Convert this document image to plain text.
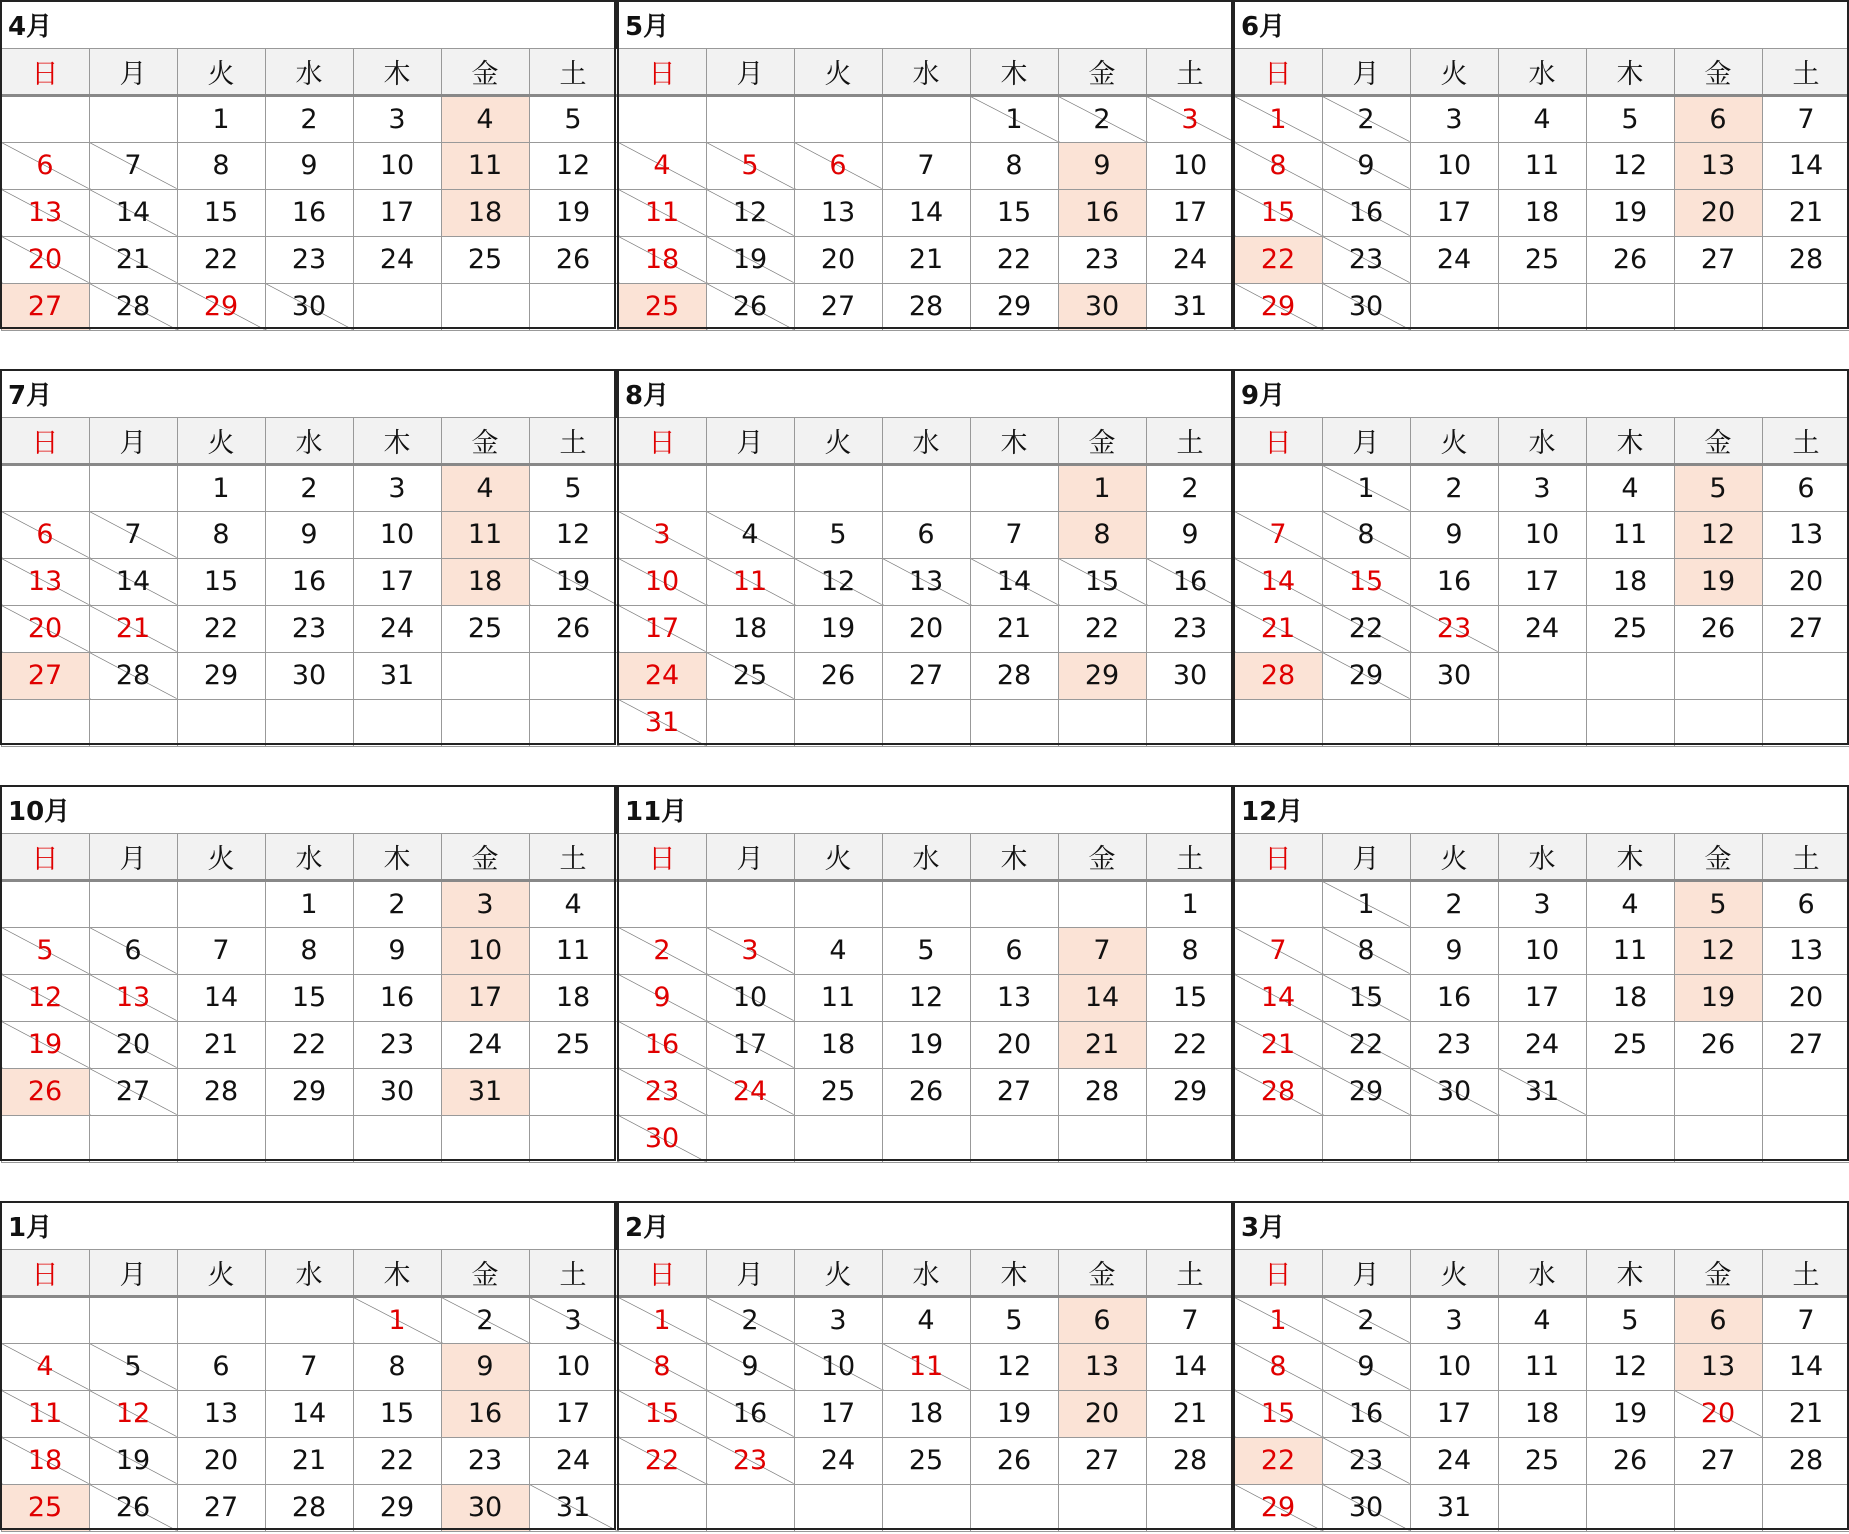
4月						
日	月	火	水	木	金	土
		1	2	3	4	5
6	7	8	9	10	11	12
13	14	15	16	17	18	19
20	21	22	23	24	25	26
27	28	29	30			
5月						
日	月	火	水	木	金	土
				1	2	3
4	5	6	7	8	9	10
11	12	13	14	15	16	17
18	19	20	21	22	23	24
25	26	27	28	29	30	31
6月						
日	月	火	水	木	金	土
1	2	3	4	5	6	7
8	9	10	11	12	13	14
15	16	17	18	19	20	21
22	23	24	25	26	27	28
29	30					
7月						
日	月	火	水	木	金	土
		1	2	3	4	5
6	7	8	9	10	11	12
13	14	15	16	17	18	19
20	21	22	23	24	25	26
27	28	29	30	31		

8月						
日	月	火	水	木	金	土
					1	2
3	4	5	6	7	8	9
10	11	12	13	14	15	16
17	18	19	20	21	22	23
24	25	26	27	28	29	30
31						
9月						
日	月	火	水	木	金	土
	1	2	3	4	5	6
7	8	9	10	11	12	13
14	15	16	17	18	19	20
21	22	23	24	25	26	27
28	29	30				

10月						
日	月	火	水	木	金	土
			1	2	3	4
5	6	7	8	9	10	11
12	13	14	15	16	17	18
19	20	21	22	23	24	25
26	27	28	29	30	31	

11月						
日	月	火	水	木	金	土
						1
2	3	4	5	6	7	8
9	10	11	12	13	14	15
16	17	18	19	20	21	22
23	24	25	26	27	28	29
30						
12月						
日	月	火	水	木	金	土
	1	2	3	4	5	6
7	8	9	10	11	12	13
14	15	16	17	18	19	20
21	22	23	24	25	26	27
28	29	30	31			

1月						
日	月	火	水	木	金	土
				1	2	3
4	5	6	7	8	9	10
11	12	13	14	15	16	17
18	19	20	21	22	23	24
25	26	27	28	29	30	31
2月						
日	月	火	水	木	金	土
1	2	3	4	5	6	7
8	9	10	11	12	13	14
15	16	17	18	19	20	21
22	23	24	25	26	27	28

3月						
日	月	火	水	木	金	土
1	2	3	4	5	6	7
8	9	10	11	12	13	14
15	16	17	18	19	20	21
22	23	24	25	26	27	28
29	30	31				
